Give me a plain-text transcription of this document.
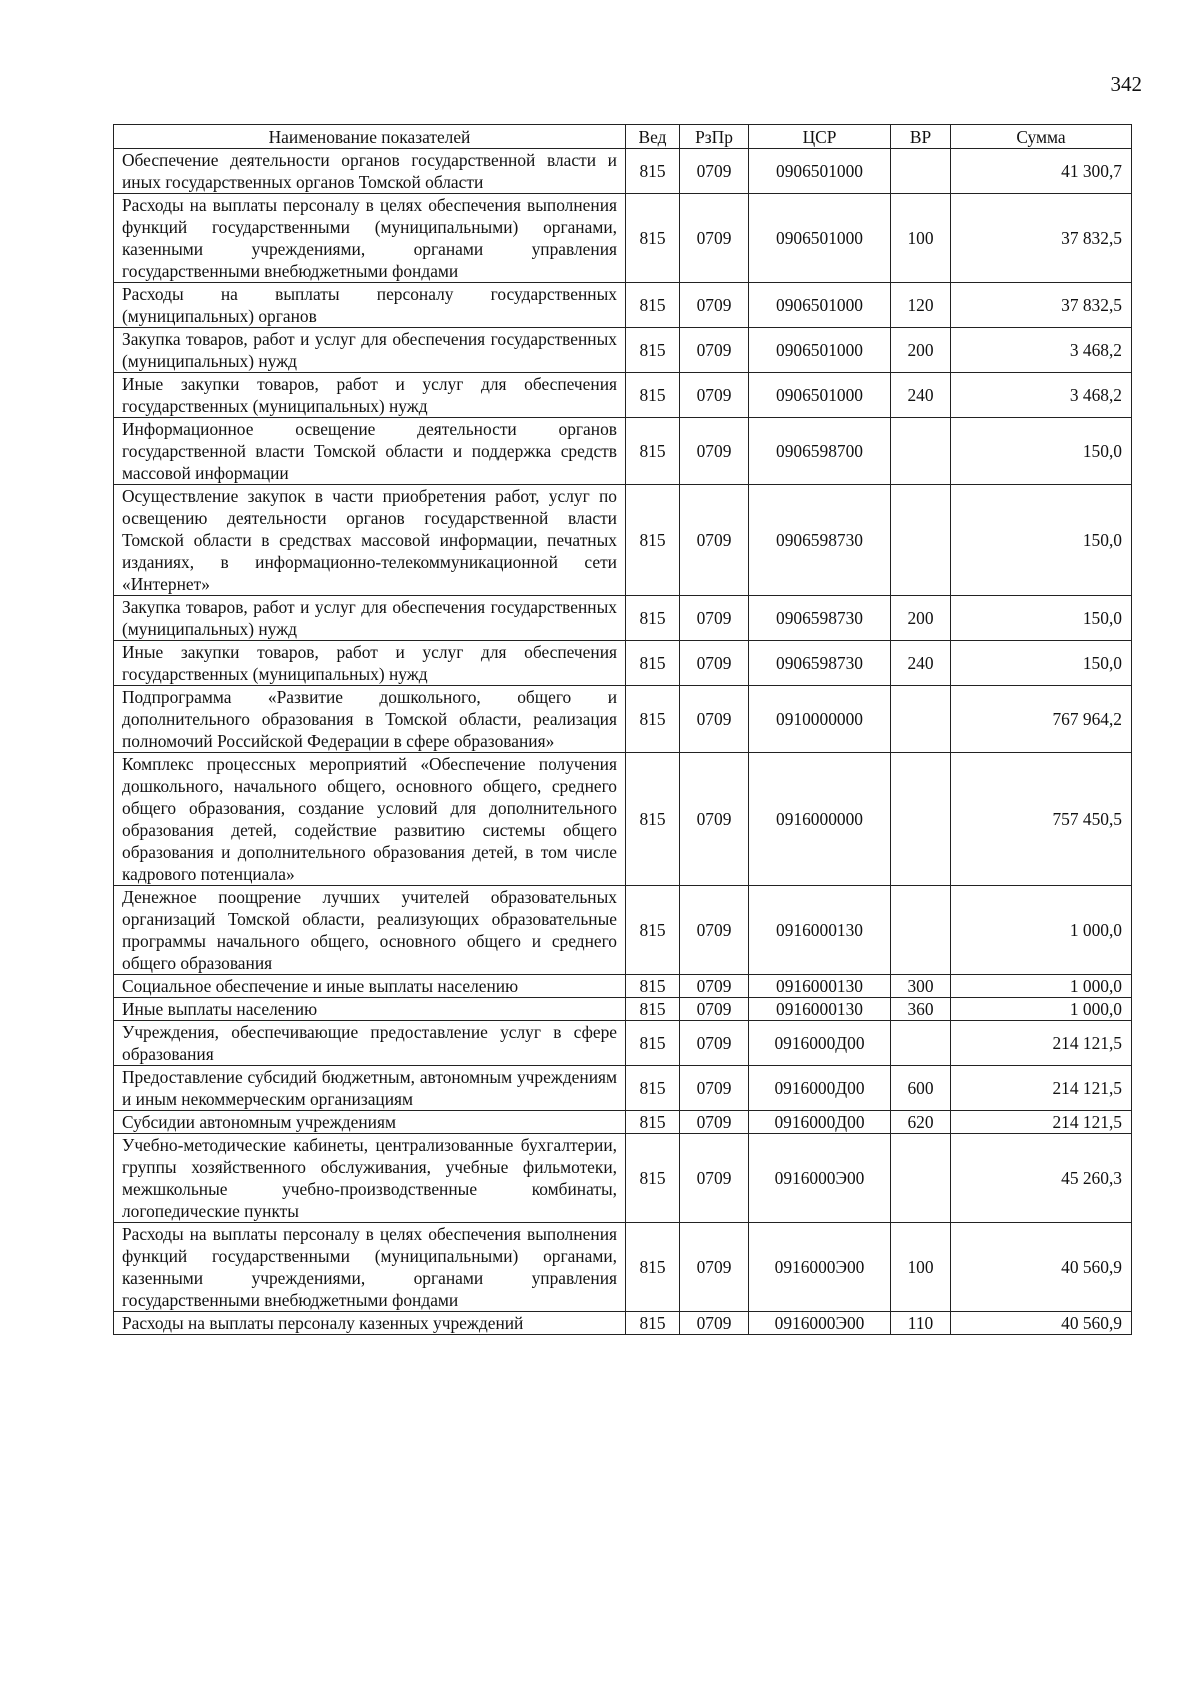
342
Наименование показателей	Вед	РзПр	ЦСР	ВР	Сумма
Обеспечение деятельности органов государственной власти и иных государственных органов Томской области	815	0709	0906501000		41 300,7
Расходы на выплаты персоналу в целях обеспечения выполнения функций государственными (муниципальными) органами, казенными учреждениями, органами управления государственными внебюджетными фондами	815	0709	0906501000	100	37 832,5
Расходы на выплаты персоналу государственных (муниципальных) органов	815	0709	0906501000	120	37 832,5
Закупка товаров, работ и услуг для обеспечения государственных (муниципальных) нужд	815	0709	0906501000	200	3 468,2
Иные закупки товаров, работ и услуг для обеспечения государственных (муниципальных) нужд	815	0709	0906501000	240	3 468,2
Информационное освещение деятельности органов государственной власти Томской области и поддержка средств массовой информации	815	0709	0906598700		150,0
Осуществление закупок в части приобретения работ, услуг по освещению деятельности органов государственной власти Томской области в средствах массовой информации, печатных изданиях, в информационно-телекоммуникационной сети «Интернет»	815	0709	0906598730		150,0
Закупка товаров, работ и услуг для обеспечения государственных (муниципальных) нужд	815	0709	0906598730	200	150,0
Иные закупки товаров, работ и услуг для обеспечения государственных (муниципальных) нужд	815	0709	0906598730	240	150,0
Подпрограмма «Развитие дошкольного, общего и дополнительного образования в Томской области, реализация полномочий Российской Федерации в сфере образования»	815	0709	0910000000		767 964,2
Комплекс процессных мероприятий «Обеспечение получения дошкольного, начального общего, основного общего, среднего общего образования, создание условий для дополнительного образования детей, содействие развитию системы общего образования и дополнительного образования детей, в том числе кадрового потенциала»	815	0709	0916000000		757 450,5
Денежное поощрение лучших учителей образовательных организаций Томской области, реализующих образовательные программы начального общего, основного общего и среднего общего образования	815	0709	0916000130		1 000,0
Социальное обеспечение и иные выплаты населению	815	0709	0916000130	300	1 000,0
Иные выплаты населению	815	0709	0916000130	360	1 000,0
Учреждения, обеспечивающие предоставление услуг в сфере образования	815	0709	0916000Д00		214 121,5
Предоставление субсидий бюджетным, автономным учреждениям и иным некоммерческим организациям	815	0709	0916000Д00	600	214 121,5
Субсидии автономным учреждениям	815	0709	0916000Д00	620	214 121,5
Учебно-методические кабинеты, централизованные бухгалтерии, группы хозяйственного обслуживания, учебные фильмотеки, межшкольные учебно-производственные комбинаты, логопедические пункты	815	0709	0916000Э00		45 260,3
Расходы на выплаты персоналу в целях обеспечения выполнения функций государственными (муниципальными) органами, казенными учреждениями, органами управления государственными внебюджетными фондами	815	0709	0916000Э00	100	40 560,9
Расходы на выплаты персоналу казенных учреждений	815	0709	0916000Э00	110	40 560,9
